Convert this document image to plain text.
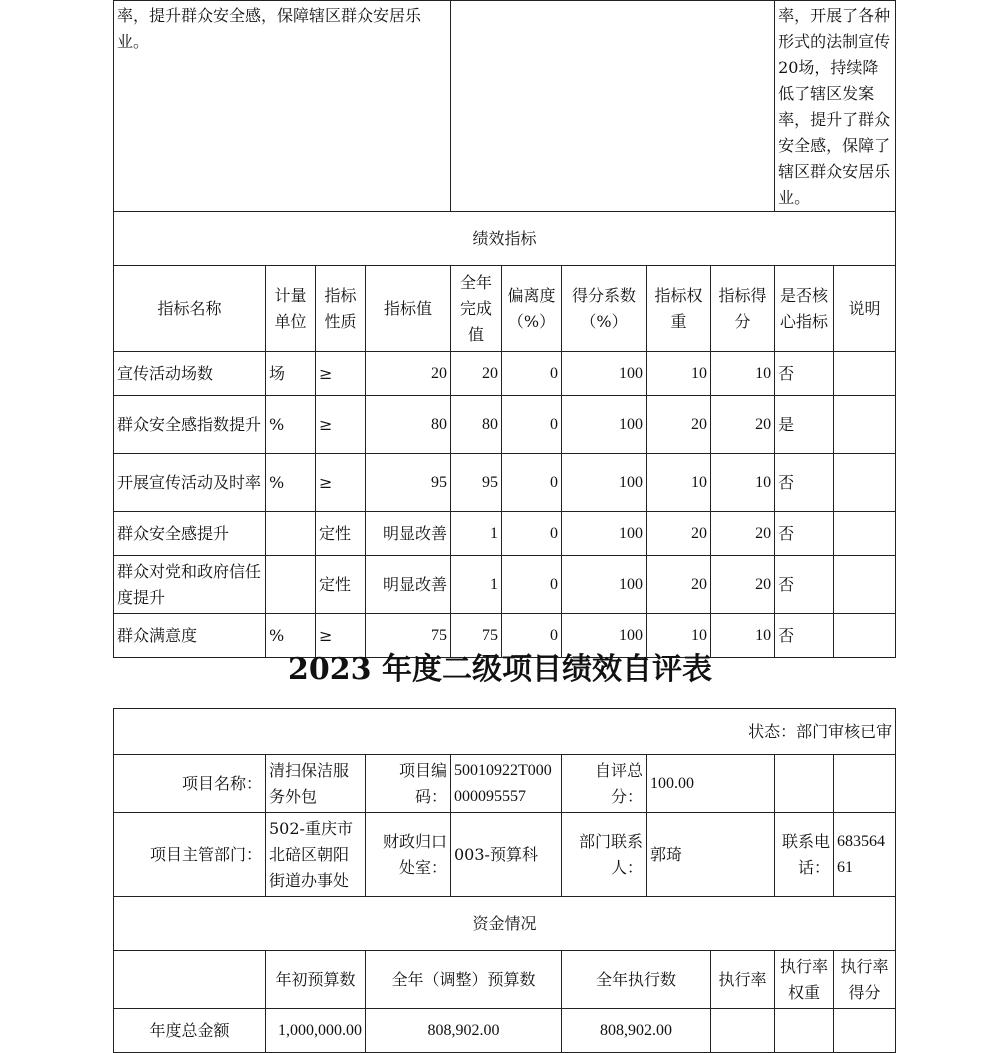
率，提升群众安全感，保障辖区群众安居乐业。									率，开展了各种形式的法制宣传20场，持续降低了辖区发案率，提升了群众安全感，保障了辖区群众安居乐业。	
绩效指标										
指标名称	计量单位	指标性质	指标值	全年完成值	偏离度（%）	得分系数（%）	指标权重	指标得分	是否核心指标	说明
宣传活动场数	场	≥	20	20	0	100	10	10	否	
群众安全感指数提升	%	≥	80	80	0	100	20	20	是	
开展宣传活动及时率	%	≥	95	95	0	100	10	10	否	
群众安全感提升		定性	明显改善	1	0	100	20	20	否	
群众对党和政府信任度提升		定性	明显改善	1	0	100	20	20	否	
群众满意度	%	≥	75	75	0	100	10	10	否	
2023 年度二级项目绩效自评表
状态：部门审核已审								
项目名称：	清扫保洁服务外包	项目编码：	50010922T000000095557	自评总分：	100.00			
项目主管部门：	502-重庆市北碚区朝阳街道办事处	财政归口处室：	003-预算科	部门联系人：	郭琦		联系电话：	68356461
资金情况								
	年初预算数	全年（调整）预算数		全年执行数		执行率	执行率权重	执行率得分
年度总金额	1,000,000.00	808,902.00		808,902.00				
